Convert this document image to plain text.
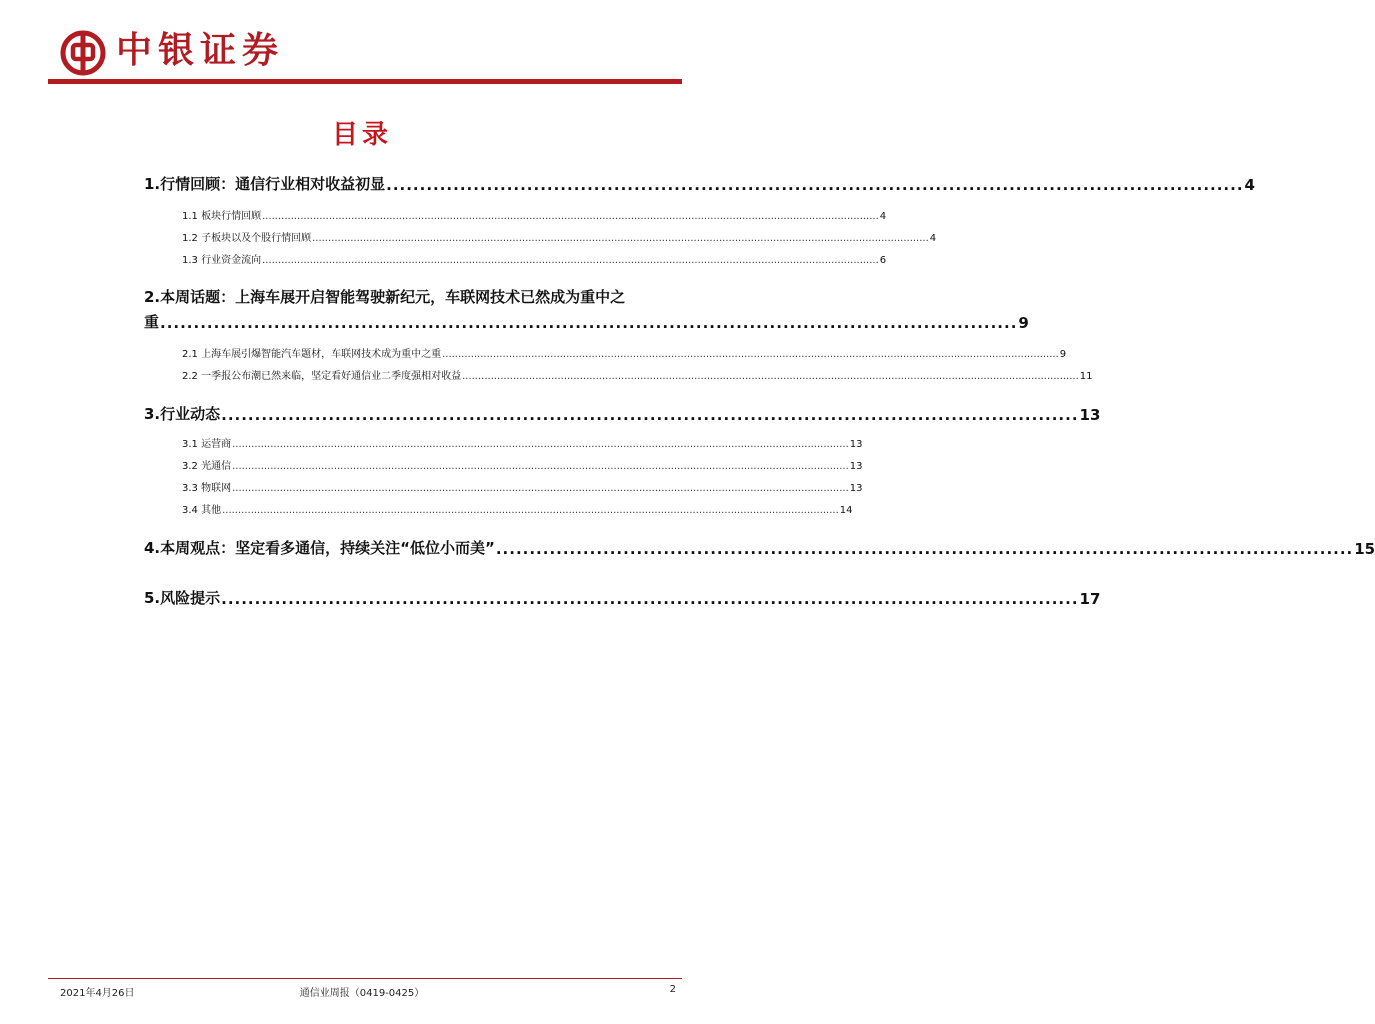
中银证券
目录
1.行情回顾：通信行业相对收益初显 ................................................................................................................................ 4
1.1 板块行情回顾 .................................................................................................................................................................................................. 4
1.2 子板块以及个股行情回顾 .................................................................................................................................................................................................. 4
1.3 行业资金流向 .................................................................................................................................................................................................. 6
2.本周话题：上海车展开启智能驾驶新纪元，车联网技术已然成为重中之
重 ................................................................................................................................ 9
2.1 上海车展引爆智能汽车题材，车联网技术成为重中之重 .................................................................................................................................................................................................. 9
2.2 一季报公布潮已然来临，坚定看好通信业二季度强相对收益 .................................................................................................................................................................................................. 11
3.行业动态 ................................................................................................................................ 13
3.1 运营商 .................................................................................................................................................................................................. 13
3.2 光通信 .................................................................................................................................................................................................. 13
3.3 物联网 .................................................................................................................................................................................................. 13
3.4 其他 .................................................................................................................................................................................................. 14
4.本周观点：坚定看多通信，持续关注“低位小而美” ................................................................................................................................ 15
5.风险提示 ................................................................................................................................ 17
2021年4月26日	通信业周报（0419-0425）	2
